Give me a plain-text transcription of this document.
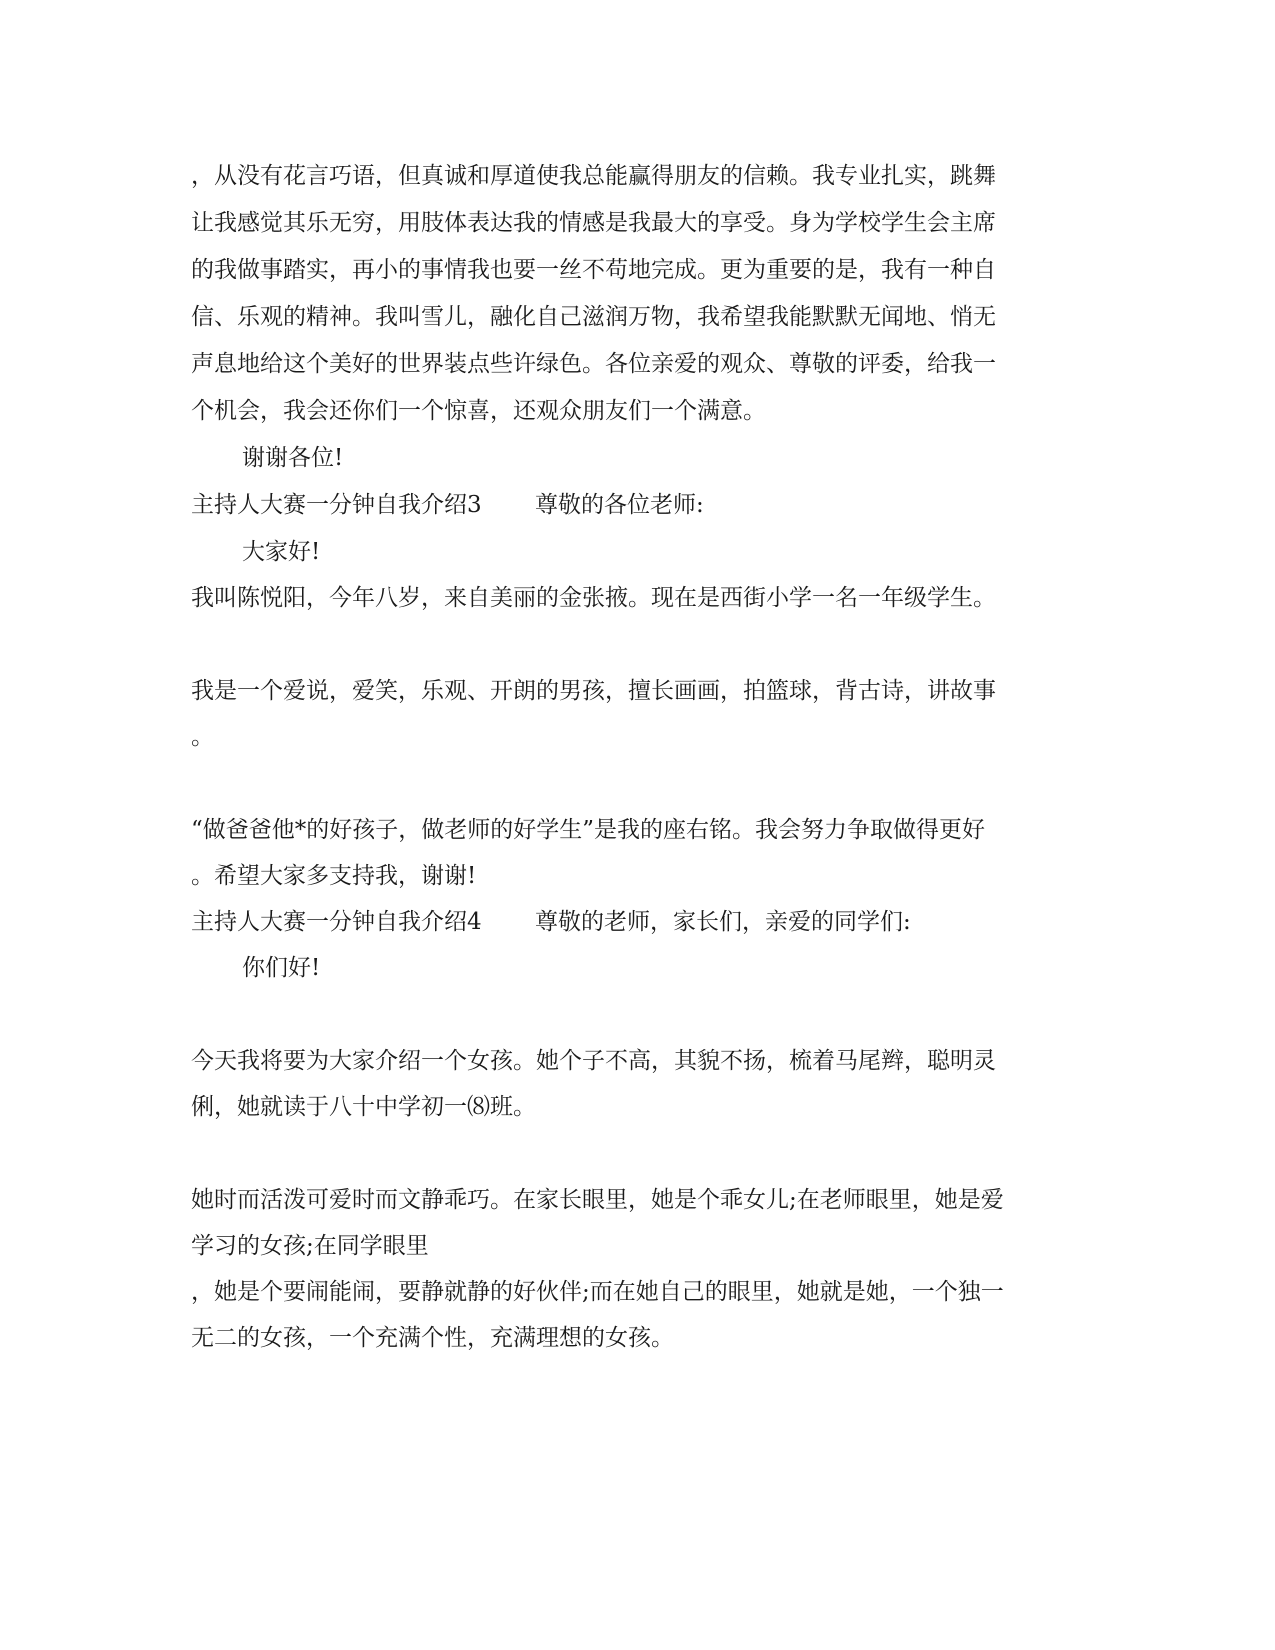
，从没有花言巧语，但真诚和厚道使我总能赢得朋友的信赖。我专业扎实，跳舞
让我感觉其乐无穷，用肢体表达我的情感是我最大的享受。身为学校学生会主席
的我做事踏实，再小的事情我也要一丝不苟地完成。更为重要的是，我有一种自
信、乐观的精神。我叫雪儿，融化自己滋润万物，我希望我能默默无闻地、悄无
声息地给这个美好的世界装点些许绿色。各位亲爱的观众、尊敬的评委，给我一
个机会，我会还你们一个惊喜，还观众朋友们一个满意。
谢谢各位!
主持人大赛一分钟自我介绍3　　 尊敬的各位老师:
大家好!
我叫陈悦阳，今年八岁，来自美丽的金张掖。现在是西街小学一名一年级学生。
我是一个爱说，爱笑，乐观、开朗的男孩，擅长画画，拍篮球，背古诗，讲故事
。
“做爸爸他*的好孩子，做老师的好学生”是我的座右铭。我会努力争取做得更好
。希望大家多支持我，谢谢!
主持人大赛一分钟自我介绍4　　 尊敬的老师，家长们，亲爱的同学们:
你们好!
今天我将要为大家介绍一个女孩。她个子不高，其貌不扬，梳着马尾辫，聪明灵
俐，她就读于八十中学初一⑻班。
她时而活泼可爱时而文静乖巧。在家长眼里，她是个乖女儿;在老师眼里，她是爱
学习的女孩;在同学眼里
，她是个要闹能闹，要静就静的好伙伴;而在她自己的眼里，她就是她，一个独一
无二的女孩，一个充满个性，充满理想的女孩。
